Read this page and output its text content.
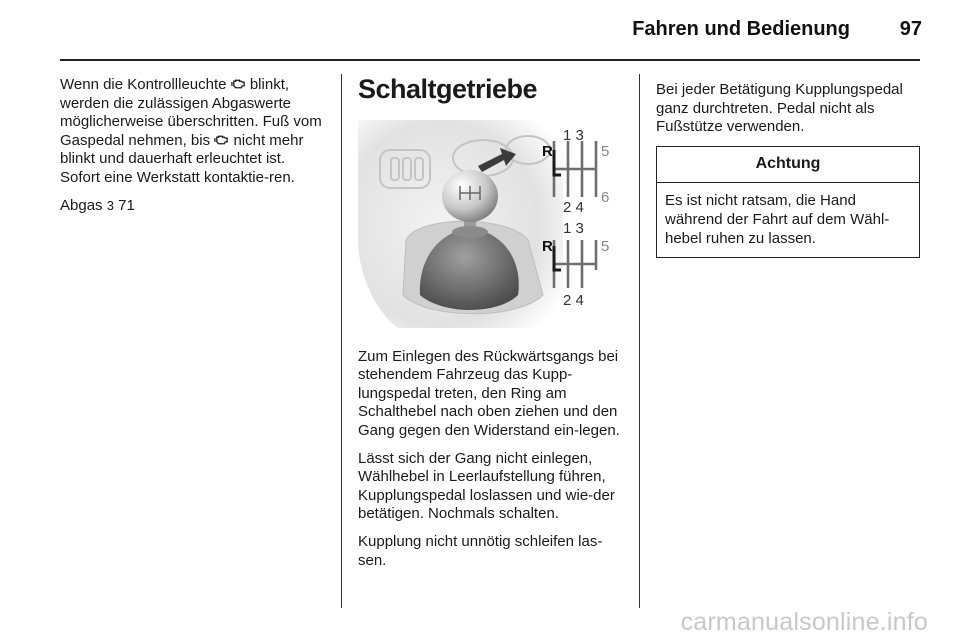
Fahren und Bedienung	97

Wenn die Kontrollleuchte blinkt, werden die zulässigen Abgaswerte möglicherweise überschritten. Fuß vom Gaspedal nehmen, bis nicht mehr blinkt und dauerhaft erleuchtet ist. Sofort eine Werkstatt kontaktie-ren.

Abgas 3 71

Schaltgetriebe
R
1 3
5
6
2 4
R
1 3
5
2 4

Zum Einlegen des Rückwärtsgangs bei stehendem Fahrzeug das Kupp-lungspedal treten, den Ring am Schalthebel nach oben ziehen und den Gang gegen den Widerstand ein-legen.

Lässt sich der Gang nicht einlegen, Wählhebel in Leerlaufstellung führen, Kupplungspedal loslassen und wie-der betätigen. Nochmals schalten.

Kupplung nicht unnötig schleifen las-sen.

Bei jeder Betätigung Kupplungspedal ganz durchtreten. Pedal nicht als Fußstütze verwenden.

Achtung
Es ist nicht ratsam, die Hand während der Fahrt auf dem Wähl-hebel ruhen zu lassen.
carmanualsonline.info
